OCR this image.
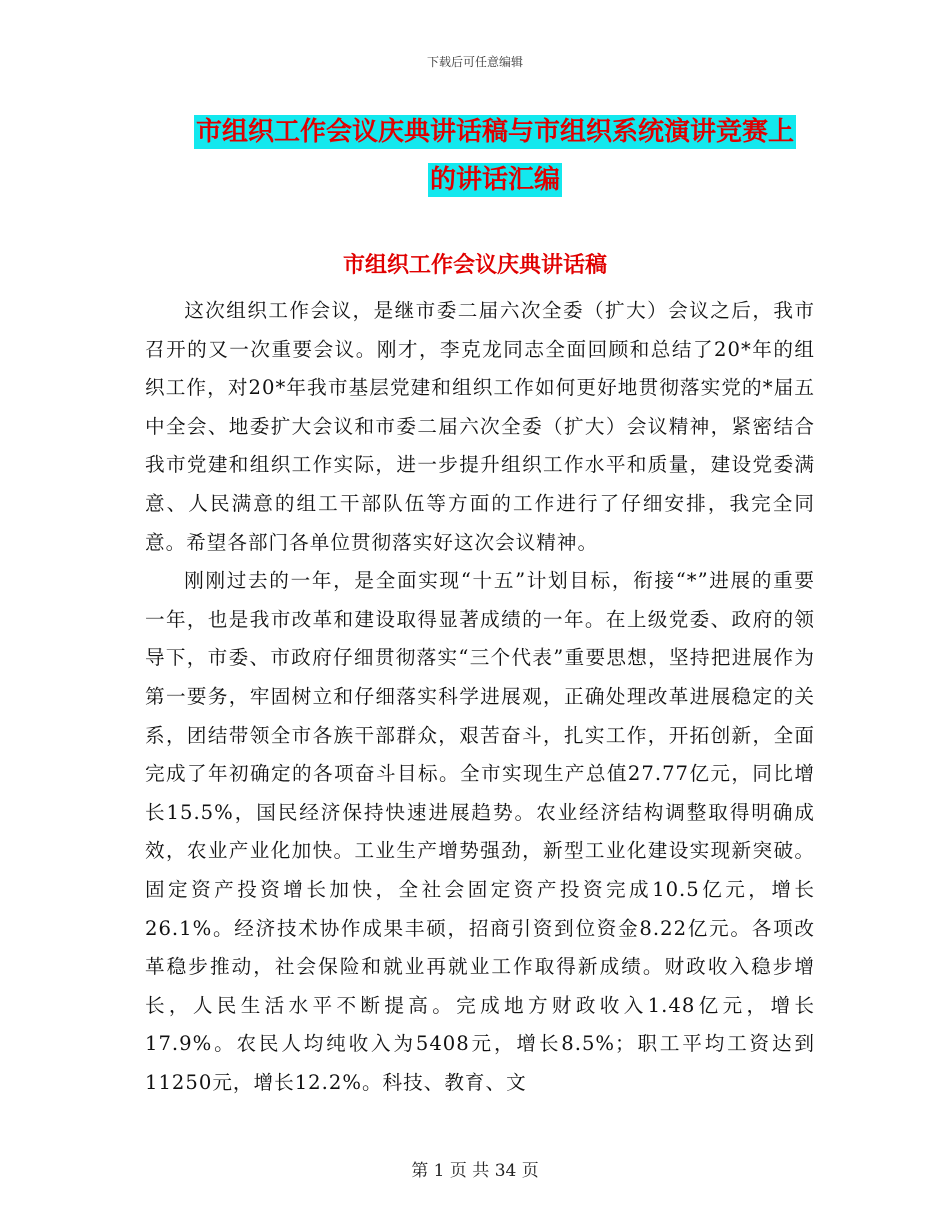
下载后可任意编辑
市组织工作会议庆典讲话稿与市组织系统演讲竞赛上
的讲话汇编
市组织工作会议庆典讲话稿

这次组织工作会议，是继市委二届六次全委（扩大）会议之后，我市召开的又一次重要会议。刚才，李克龙同志全面回顾和总结了20*年的组织工作，对20*年我市基层党建和组织工作如何更好地贯彻落实党的*届五中全会、地委扩大会议和市委二届六次全委（扩大）会议精神，紧密结合我市党建和组织工作实际，进一步提升组织工作水平和质量，建设党委满意、人民满意的组工干部队伍等方面的工作进行了仔细安排，我完全同意。希望各部门各单位贯彻落实好这次会议精神。

刚刚过去的一年，是全面实现“十五”计划目标，衔接“*”进展的重要一年，也是我市改革和建设取得显著成绩的一年。在上级党委、政府的领导下，市委、市政府仔细贯彻落实“三个代表”重要思想，坚持把进展作为第一要务，牢固树立和仔细落实科学进展观，正确处理改革进展稳定的关系，团结带领全市各族干部群众，艰苦奋斗，扎实工作，开拓创新，全面完成了年初确定的各项奋斗目标。全市实现生产总值27.77亿元，同比增长15.5%，国民经济保持快速进展趋势。农业经济结构调整取得明确成效，农业产业化加快。工业生产增势强劲，新型工业化建设实现新突破。固定资产投资增长加快，全社会固定资产投资完成10.5亿元，增长26.1%。经济技术协作成果丰硕，招商引资到位资金8.22亿元。各项改革稳步推动，社会保险和就业再就业工作取得新成绩。财政收入稳步增长，人民生活水平不断提高。完成地方财政收入1.48亿元，增长17.9%。农民人均纯收入为5408元，增长8.5%；职工平均工资达到11250元，增长12.2%。科技、教育、文

第 1 页 共 34 页
